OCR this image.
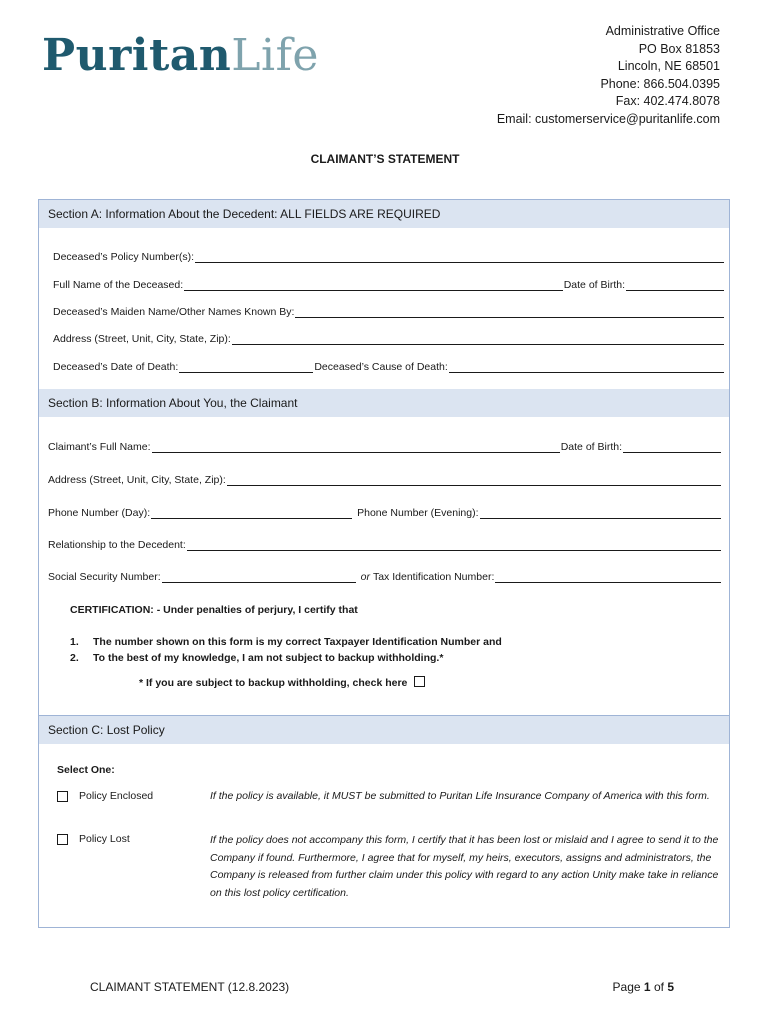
PuritanLife	Administrative Office
PO Box 81853
Lincoln, NE 68501
Phone: 866.504.0395
Fax: 402.474.8078
Email: customerservice@puritanlife.com
CLAIMANT’S STATEMENT
Section A: Information About the Decedent: ALL FIELDS ARE REQUIRED
Deceased’s Policy Number(s):
Full Name of the Deceased:	Date of Birth:
Deceased’s Maiden Name/Other Names Known By:
Address (Street, Unit, City, State, Zip):
Deceased’s Date of Death:	Deceased’s Cause of Death:
Section B: Information About You, the Claimant
Claimant’s Full Name:	Date of Birth:
Address (Street, Unit, City, State, Zip):
Phone Number (Day):	Phone Number (Evening):
Relationship to the Decedent:
Social Security Number:	or Tax Identification Number:
CERTIFICATION: - Under penalties of perjury, I certify that
1. The number shown on this form is my correct Taxpayer Identification Number and
2. To the best of my knowledge, I am not subject to backup withholding.*
* If you are subject to backup withholding, check here
Section C: Lost Policy
Select One:
Policy Enclosed	If the policy is available, it MUST be submitted to Puritan Life Insurance Company of America with this form.
Policy Lost	If the policy does not accompany this form, I certify that it has been lost or mislaid and I agree to send it to the Company if found. Furthermore, I agree that for myself, my heirs, executors, assigns and administrators, the Company is released from further claim under this policy with regard to any action Unity make take in reliance on this lost policy certification.
CLAIMANT STATEMENT (12.8.2023)	Page 1 of 5
